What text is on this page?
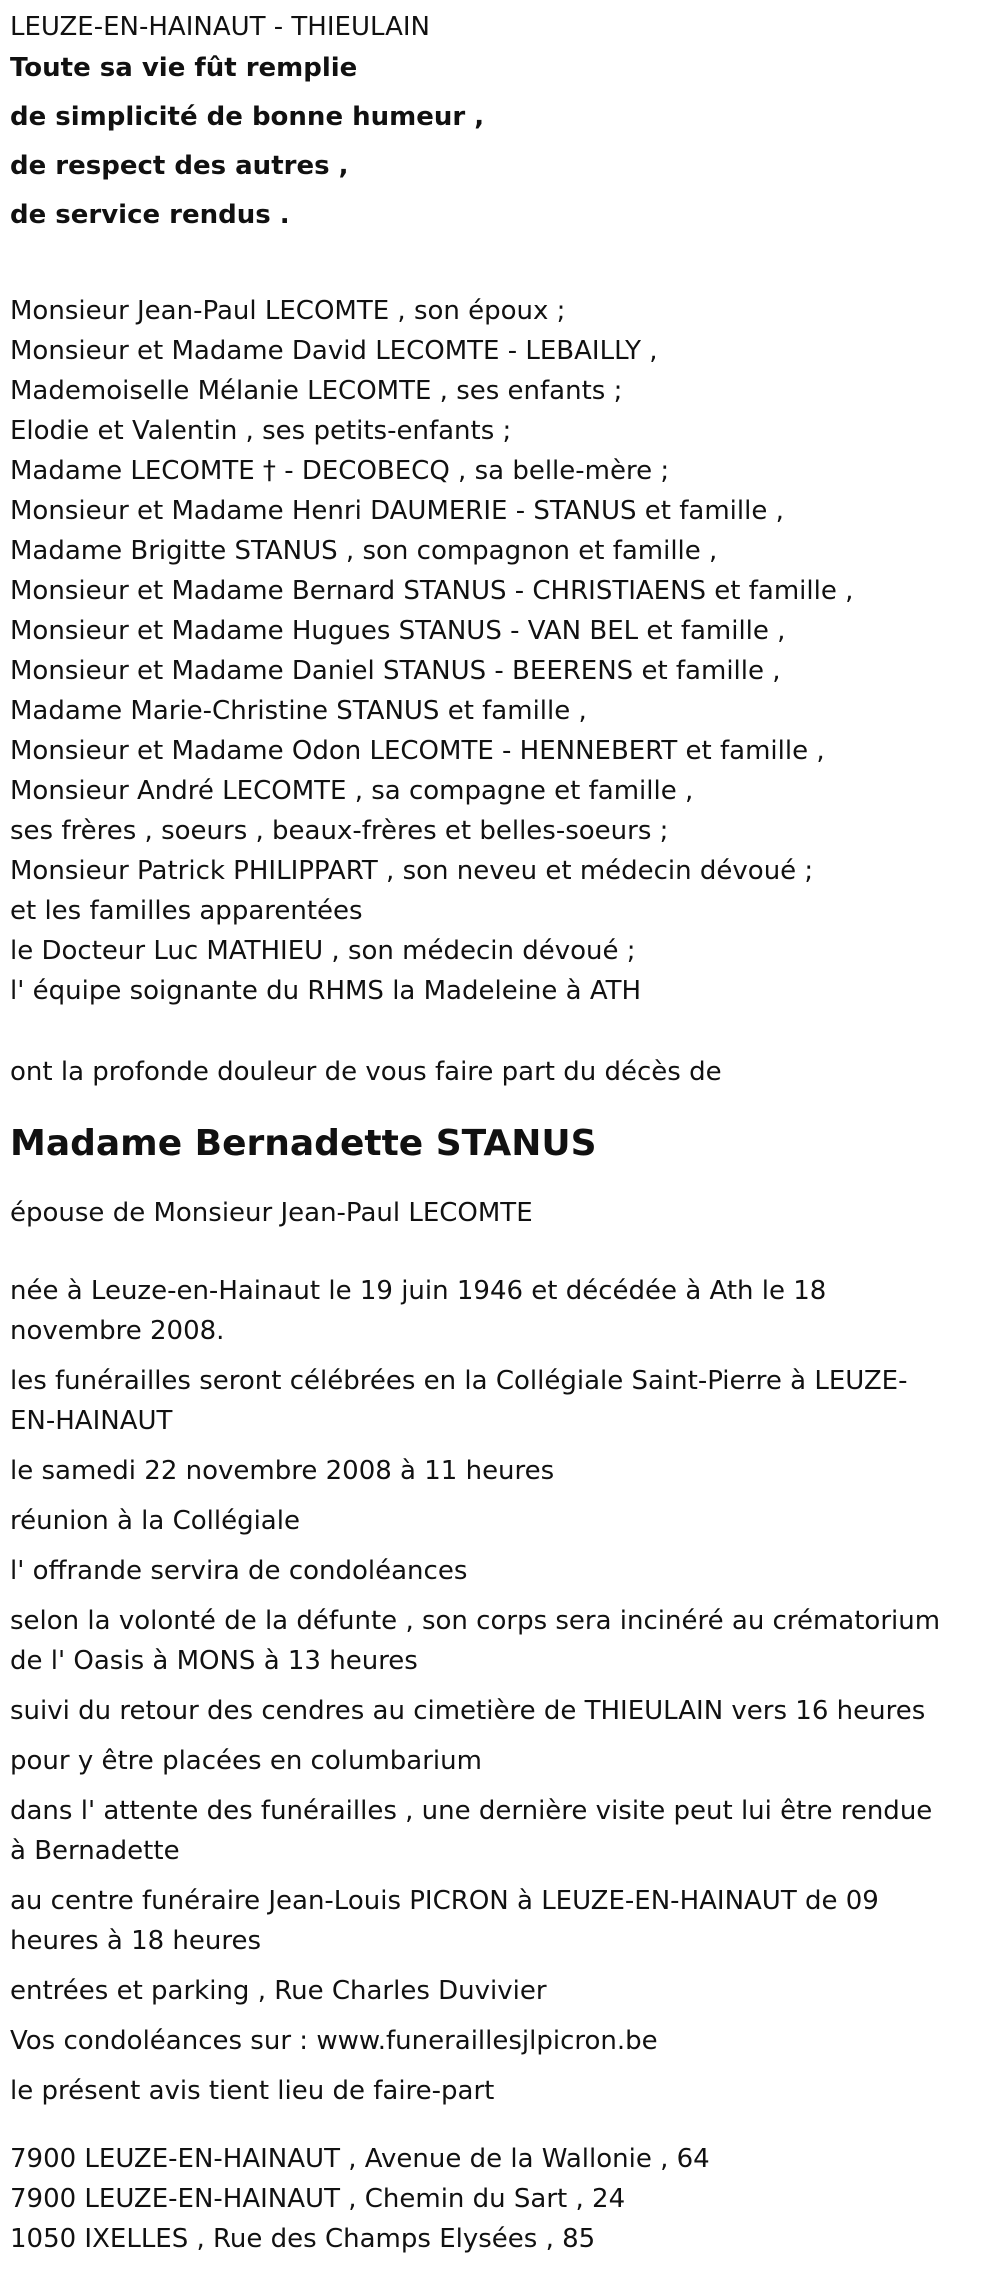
LEUZE-EN-HAINAUT - THIEULAIN
Toute sa vie fût remplie
de simplicité de bonne humeur ,
de respect des autres ,
de service rendus .
Monsieur Jean-Paul LECOMTE , son époux ;
Monsieur et Madame David LECOMTE - LEBAILLY ,
Mademoiselle Mélanie LECOMTE , ses enfants ;
Elodie et Valentin , ses petits-enfants ;
Madame LECOMTE † - DECOBECQ , sa belle-mère ;
Monsieur et Madame Henri DAUMERIE - STANUS et famille ,
Madame Brigitte STANUS , son compagnon et famille ,
Monsieur et Madame Bernard STANUS - CHRISTIAENS et famille ,
Monsieur et Madame Hugues STANUS - VAN BEL et famille ,
Monsieur et Madame Daniel STANUS - BEERENS et famille ,
Madame Marie-Christine STANUS et famille ,
Monsieur et Madame Odon LECOMTE - HENNEBERT et famille ,
Monsieur André LECOMTE , sa compagne et famille ,
ses frères , soeurs , beaux-frères et belles-soeurs ;
Monsieur Patrick PHILIPPART , son neveu et médecin dévoué ;
et les familles apparentées
le Docteur Luc MATHIEU , son médecin dévoué ;
l' équipe soignante du RHMS la Madeleine à ATH
ont la profonde douleur de vous faire part du décès de
Madame Bernadette STANUS
épouse de Monsieur Jean-Paul LECOMTE
née à Leuze-en-Hainaut le 19 juin 1946 et décédée à Ath le 18 novembre 2008.
les funérailles seront célébrées en la Collégiale Saint-Pierre à LEUZE-EN-HAINAUT
le samedi 22 novembre 2008 à 11 heures
réunion à la Collégiale
l' offrande servira de condoléances
selon la volonté de la défunte , son corps sera incinéré au crématorium de l' Oasis à MONS à 13 heures
suivi du retour des cendres au cimetière de THIEULAIN vers 16 heures
pour y être placées en columbarium
dans l' attente des funérailles , une dernière visite peut lui être rendue à Bernadette
au centre funéraire Jean-Louis PICRON à LEUZE-EN-HAINAUT de 09 heures à 18 heures
entrées et parking , Rue Charles Duvivier
Vos condoléances sur : www.funeraillesjlpicron.be
le présent avis tient lieu de faire-part
7900 LEUZE-EN-HAINAUT , Avenue de la Wallonie , 64
7900 LEUZE-EN-HAINAUT , Chemin du Sart , 24
1050 IXELLES , Rue des Champs Elysées , 85
